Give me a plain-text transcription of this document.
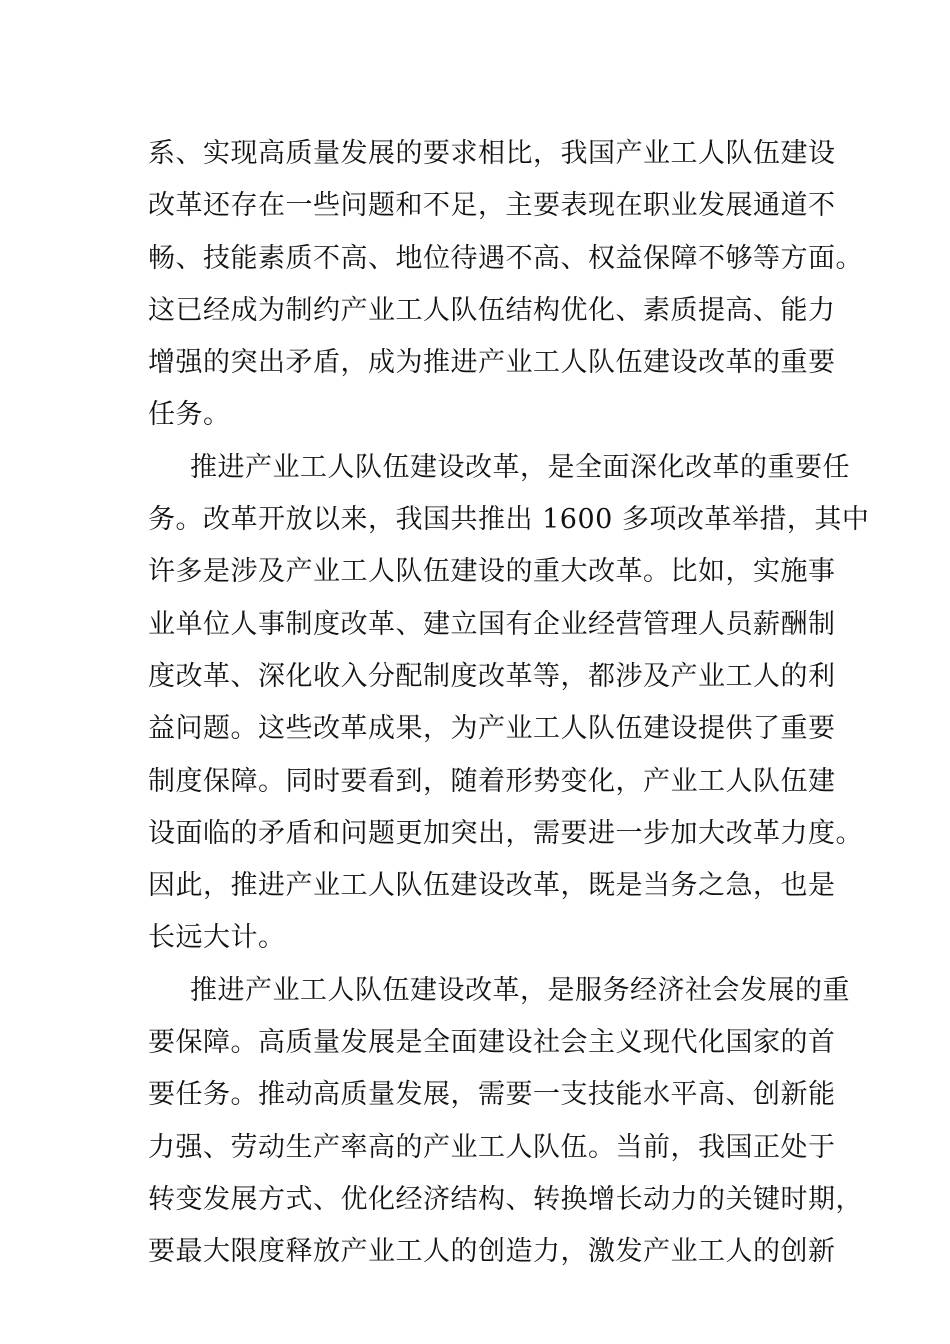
系、实现高质量发展的要求相比，我国产业工人队伍建设
改革还存在一些问题和不足，主要表现在职业发展通道不
畅、技能素质不高、地位待遇不高、权益保障不够等方面。
这已经成为制约产业工人队伍结构优化、素质提高、能力
增强的突出矛盾，成为推进产业工人队伍建设改革的重要
任务。
推进产业工人队伍建设改革，是全面深化改革的重要任
务。改革开放以来，我国共推出 1600 多项改革举措，其中
许多是涉及产业工人队伍建设的重大改革。比如，实施事
业单位人事制度改革、建立国有企业经营管理人员薪酬制
度改革、深化收入分配制度改革等，都涉及产业工人的利
益问题。这些改革成果，为产业工人队伍建设提供了重要
制度保障。同时要看到，随着形势变化，产业工人队伍建
设面临的矛盾和问题更加突出，需要进一步加大改革力度。
因此，推进产业工人队伍建设改革，既是当务之急，也是
长远大计。
推进产业工人队伍建设改革，是服务经济社会发展的重
要保障。高质量发展是全面建设社会主义现代化国家的首
要任务。推动高质量发展，需要一支技能水平高、创新能
力强、劳动生产率高的产业工人队伍。当前，我国正处于
转变发展方式、优化经济结构、转换增长动力的关键时期，
要最大限度释放产业工人的创造力，激发产业工人的创新
